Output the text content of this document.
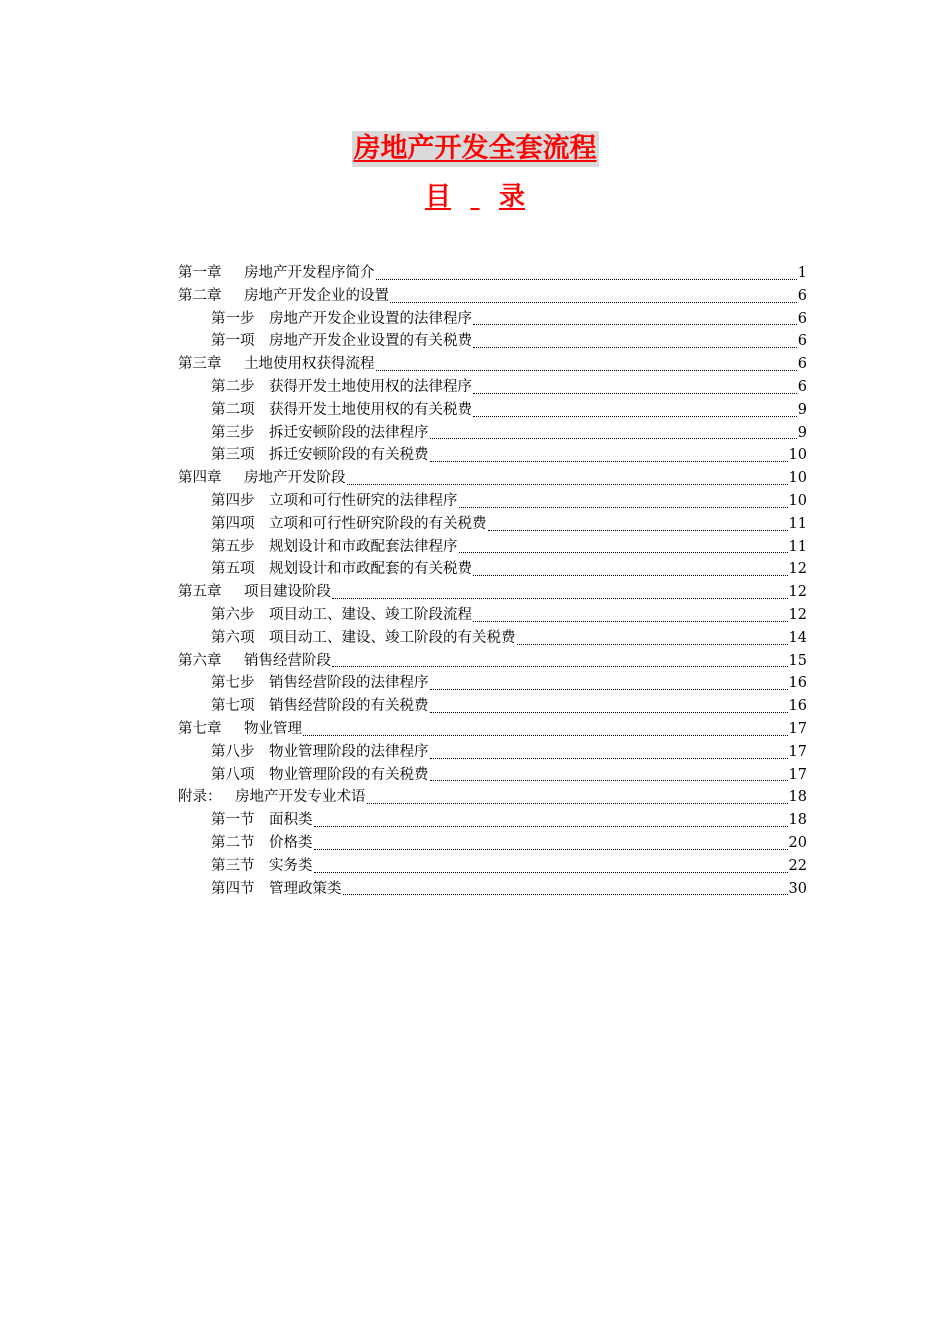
房地产开发全套流程
目 录
第一章	房地产开发程序简介	1
第二章	房地产开发企业的设置	6
第一步	房地产开发企业设置的法律程序	6
第一项	房地产开发企业设置的有关税费	6
第三章	土地使用权获得流程	6
第二步	获得开发土地使用权的法律程序	6
第二项	获得开发土地使用权的有关税费	9
第三步	拆迁安顿阶段的法律程序	9
第三项	拆迁安顿阶段的有关税费	10
第四章	房地产开发阶段	10
第四步	立项和可行性研究的法律程序	10
第四项	立项和可行性研究阶段的有关税费	11
第五步	规划设计和市政配套法律程序	11
第五项	规划设计和市政配套的有关税费	12
第五章	项目建设阶段	12
第六步	项目动工、建设、竣工阶段流程	12
第六项	项目动工、建设、竣工阶段的有关税费	14
第六章	销售经营阶段	15
第七步	销售经营阶段的法律程序	16
第七项	销售经营阶段的有关税费	16
第七章	物业管理	17
第八步	物业管理阶段的法律程序	17
第八项	物业管理阶段的有关税费	17
附录： 房地产开发专业术语	18
第一节	面积类	18
第二节	价格类	20
第三节	实务类	22
第四节	管理政策类	30
